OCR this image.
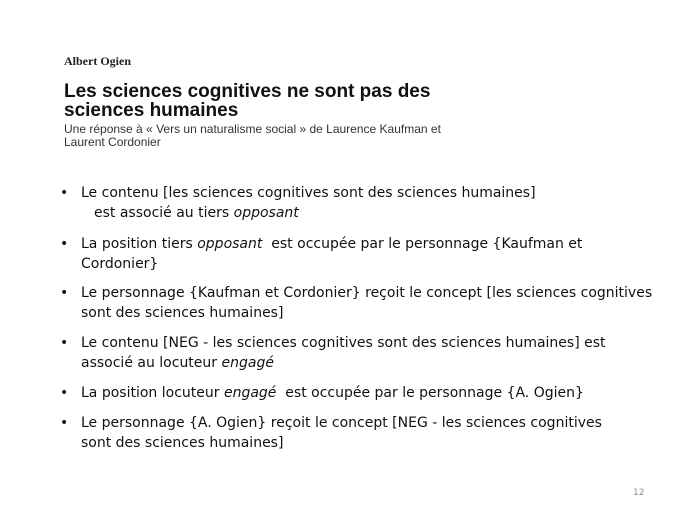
Albert Ogien

Les sciences cognitives ne sont pas des
sciences humaines

Une réponse à « Vers un naturalisme social » de Laurence Kaufman et
Laurent Cordonier

• Le contenu [les sciences cognitives sont des sciences humaines]
est associé au tiers opposant
• La position tiers opposant  est occupée par le personnage {Kaufman et
Cordonier}
• Le personnage {Kaufman et Cordonier} reçoit le concept [les sciences cognitives
sont des sciences humaines]
• Le contenu [NEG - les sciences cognitives sont des sciences humaines] est
associé au locuteur engagé
• La position locuteur engagé  est occupée par le personnage {A. Ogien}
• Le personnage {A. Ogien} reçoit le concept [NEG - les sciences cognitives
sont des sciences humaines]
12
